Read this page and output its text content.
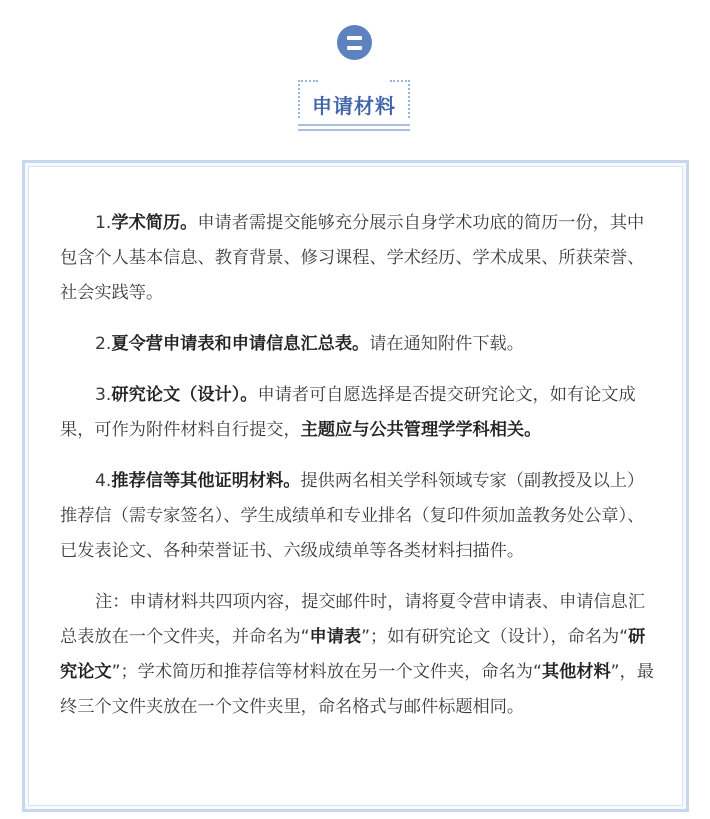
申请材料

1.学术简历。申请者需提交能够充分展示自身学术功底的简历一份，其中包含个人基本信息、教育背景、修习课程、学术经历、学术成果、所获荣誉、社会实践等。

2.夏令营申请表和申请信息汇总表。请在通知附件下载。

3.研究论文（设计）。申请者可自愿选择是否提交研究论文，如有论文成果，可作为附件材料自行提交，主题应与公共管理学学科相关。

4.推荐信等其他证明材料。提供两名相关学科领域专家（副教授及以上）推荐信（需专家签名）、学生成绩单和专业排名（复印件须加盖教务处公章）、已发表论文、各种荣誉证书、六级成绩单等各类材料扫描件。

注：申请材料共四项内容，提交邮件时，请将夏令营申请表、申请信息汇总表放在一个文件夹，并命名为“申请表”；如有研究论文（设计），命名为“研究论文”；学术简历和推荐信等材料放在另一个文件夹，命名为“其他材料”，最终三个文件夹放在一个文件夹里，命名格式与邮件标题相同。
